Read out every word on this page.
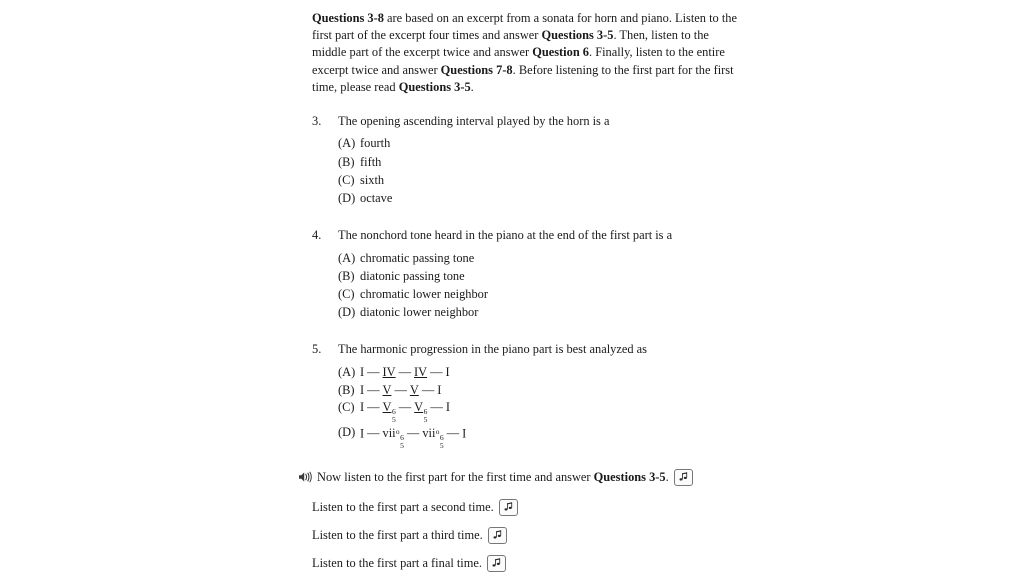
Questions 3-8 are based on an excerpt from a sonata for horn and piano. Listen to the first part of the excerpt four times and answer Questions 3-5. Then, listen to the middle part of the excerpt twice and answer Question 6. Finally, listen to the entire excerpt twice and answer Questions 7-8. Before listening to the first part for the first time, please read Questions 3-5.

3.	The opening ascending interval played by the horn is a
(A) fourth
(B) fifth
(C) sixth
(D) octave
4.	The nonchord tone heard in the piano at the end of the first part is a
(A) chromatic passing tone
(B) diatonic passing tone
(C) chromatic lower neighbor
(D) diatonic lower neighbor
5.	The harmonic progression in the piano part is best analyzed as
(A) I — IV — IV — I
(B) I — V — V — I
(C) I — V 6
5
— V 6
5
— I
(D) I — vii$^o$
6
5
— vii$^o$
6
5
— I
Now listen to the first part for the first time and answer Questions 3-5.
Listen to the first part a second time.
Listen to the first part a third time.
Listen to the first part a final time.
